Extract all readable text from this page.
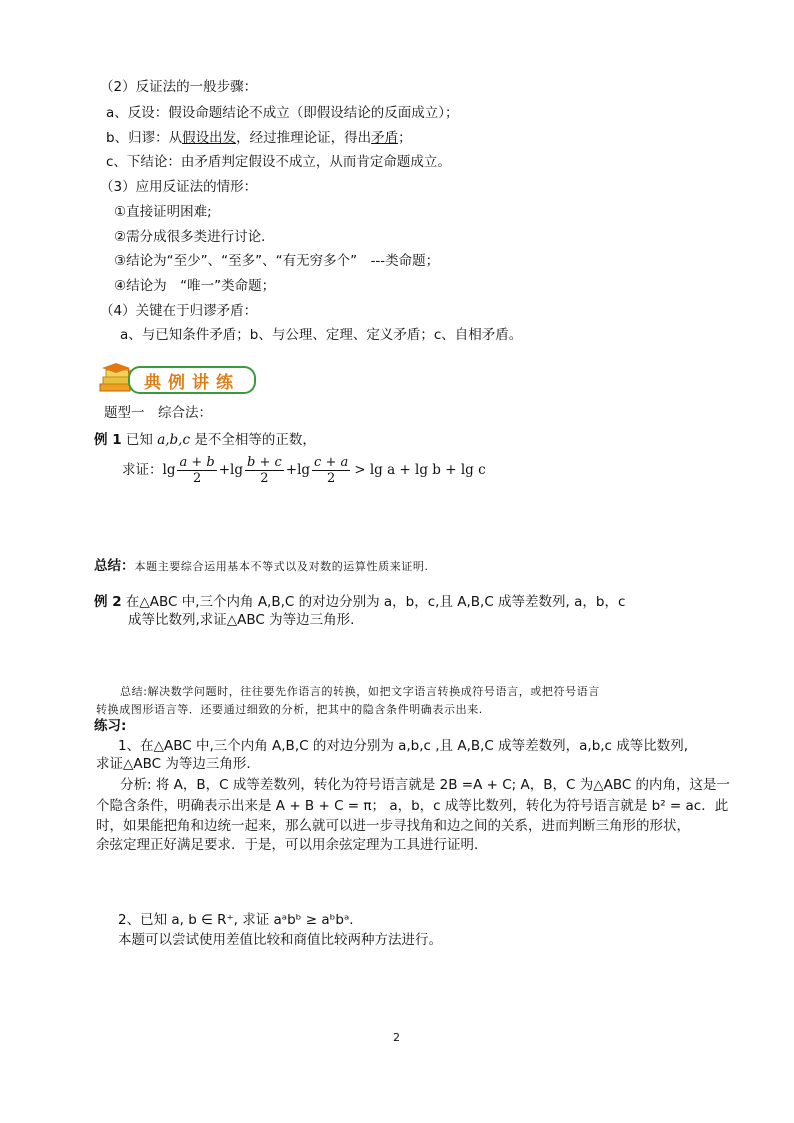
（2）反证法的一般步骤：
a、反设：假设命题结论不成立（即假设结论的反面成立）；
b、归谬：从假设出发，经过推理论证，得出矛盾；
c、下结论：由矛盾判定假设不成立，从而肯定命题成立。
（3）应用反证法的情形：
①直接证明困难;
②需分成很多类进行讨论．
③结论为“至少”、“至多”、“有无穷多个”　---类命题；
④结论为　“唯一”类命题；
（4）关键在于归谬矛盾：
a、与已知条件矛盾；b、与公理、定理、定义矛盾；c、自相矛盾。
典例讲练
题型一　综合法：
例 1 已知 a,b,c 是不全相等的正数，
求证： $\lg \frac{a + b}{2} + \lg \frac{b + c}{2} + \lg \frac{c + a}{2} > \lg a + \lg b + \lg c$
总结：本题主要综合运用基本不等式以及对数的运算性质来证明.
例 2 在△ABC 中,三个内角 A,B,C 的对边分别为 a，b，c,且 A,B,C 成等差数列, a，b，c
成等比数列,求证△ABC 为等边三角形.
总结:解决数学问题时，往往要先作语言的转换，如把文字语言转换成符号语言，或把符号语言
转换成图形语言等．还要通过细致的分析，把其中的隐含条件明确表示出来.
练习:
1、在△ABC 中,三个内角 A,B,C 的对边分别为 a,b,c ,且 A,B,C 成等差数列，a,b,c 成等比数列,
求证△ABC 为等边三角形.
分析: 将 A，B，C 成等差数列，转化为符号语言就是 2B =A + C; A，B，C 为△ABC 的内角，这是一
个隐含条件，明确表示出来是 A + B + C = π； a，b，c 成等比数列，转化为符号语言就是 b² = ac．此
时，如果能把角和边统一起来，那么就可以进一步寻找角和边之间的关系，进而判断三角形的形状，
余弦定理正好满足要求．于是，可以用余弦定理为工具进行证明．
2、已知 a, b ∈ R⁺, 求证 aᵃbᵇ ≥ aᵇbᵃ.
本题可以尝试使用差值比较和商值比较两种方法进行。
2
